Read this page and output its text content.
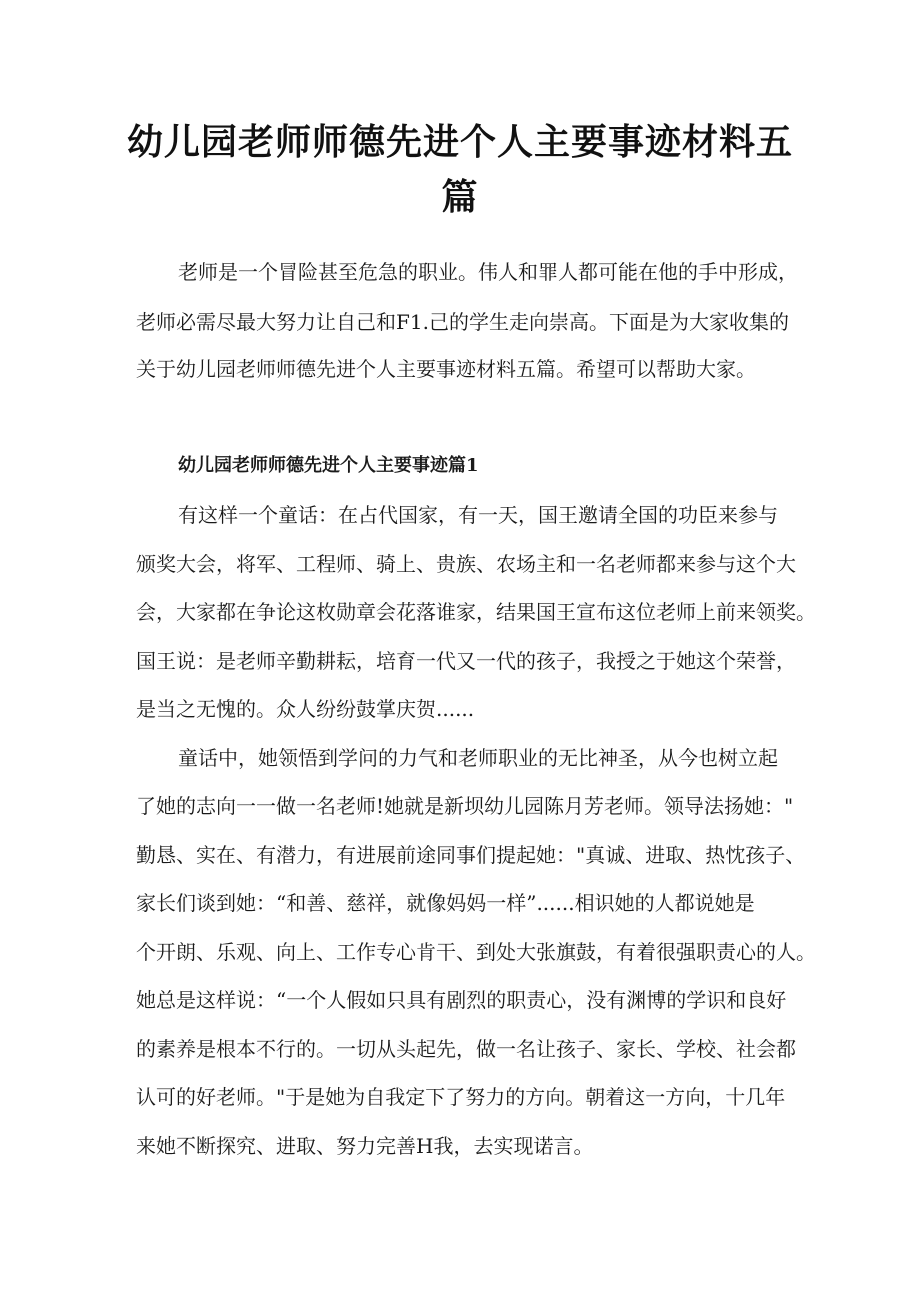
幼儿园老师师德先进个人主要事迹材料五
篇

老师是一个冒险甚至危急的职业。伟人和罪人都可能在他的手中形成，

老师必需尽最大努力让自己和F1.己的学生走向崇高。下面是为大家收集的

关于幼儿园老师师德先进个人主要事迹材料五篇。希望可以帮助大家。

幼儿园老师师德先进个人主要事迹篇1

有这样一个童话：在占代国家，有一天，国王邀请全国的功臣来参与

颁奖大会，将军、工程师、骑上、贵族、农场主和一名老师都来参与这个大

会，大家都在争论这枚勋章会花落谁家，结果国王宣布这位老师上前来领奖。

国王说：是老师辛勤耕耘，培育一代又一代的孩子，我授之于她这个荣誉，

是当之无愧的。众人纷纷鼓掌庆贺......

童话中，她领悟到学问的力气和老师职业的无比神圣，从今也树立起

了她的志向一一做一名老师!她就是新坝幼儿园陈月芳老师。领导法扬她："

勤恳、实在、有潜力，有进展前途同事们提起她："真诚、进取、热忱孩子、

家长们谈到她：“和善、慈祥，就像妈妈一样”......相识她的人都说她是

个开朗、乐观、向上、工作专心肯干、到处大张旗鼓，有着很强职责心的人。

她总是这样说：“一个人假如只具有剧烈的职责心，没有渊博的学识和良好

的素养是根本不行的。一切从头起先，做一名让孩子、家长、学校、社会都

认可的好老师。"于是她为自我定下了努力的方向。朝着这一方向，十几年

来她不断探究、进取、努力完善H我，去实现诺言。
